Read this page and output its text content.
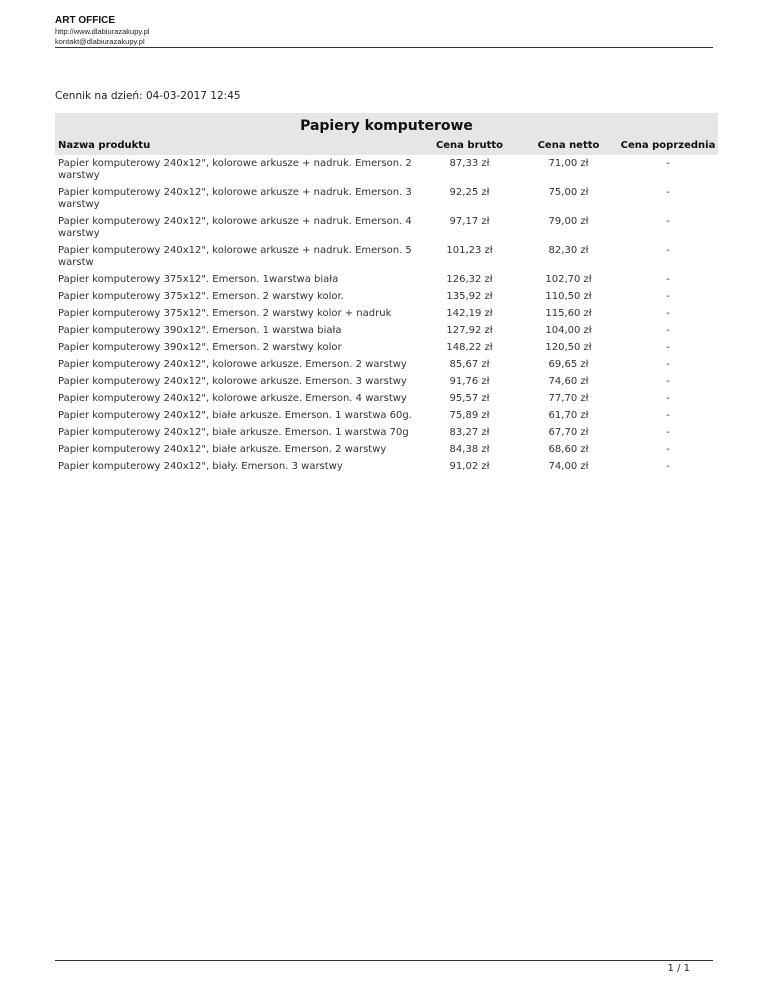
ART OFFICE
http://www.dlabiurazakupy.pl
kontakt@dlabiurazakupy.pl
Cennik na dzień: 04-03-2017 12:45
Papiery komputerowe
Nazwa produktu	Cena brutto	Cena netto	Cena poprzednia
Papier komputerowy 240x12", kolorowe arkusze + nadruk. Emerson. 2 warstwy	87,33 zł	71,00 zł	-
Papier komputerowy 240x12", kolorowe arkusze + nadruk. Emerson. 3 warstwy	92,25 zł	75,00 zł	-
Papier komputerowy 240x12", kolorowe arkusze + nadruk. Emerson. 4 warstwy	97,17 zł	79,00 zł	-
Papier komputerowy 240x12", kolorowe arkusze + nadruk. Emerson. 5 warstw	101,23 zł	82,30 zł	-
Papier komputerowy 375x12". Emerson. 1warstwa biała	126,32 zł	102,70 zł	-
Papier komputerowy 375x12". Emerson. 2 warstwy kolor.	135,92 zł	110,50 zł	-
Papier komputerowy 375x12". Emerson. 2 warstwy kolor + nadruk	142,19 zł	115,60 zł	-
Papier komputerowy 390x12". Emerson. 1 warstwa biała	127,92 zł	104,00 zł	-
Papier komputerowy 390x12". Emerson. 2 warstwy kolor	148,22 zł	120,50 zł	-
Papier komputerowy 240x12", kolorowe arkusze. Emerson. 2 warstwy	85,67 zł	69,65 zł	-
Papier komputerowy 240x12", kolorowe arkusze. Emerson. 3 warstwy	91,76 zł	74,60 zł	-
Papier komputerowy 240x12", kolorowe arkusze. Emerson. 4 warstwy	95,57 zł	77,70 zł	-
Papier komputerowy 240x12", białe arkusze. Emerson. 1 warstwa 60g.	75,89 zł	61,70 zł	-
Papier komputerowy 240x12", białe arkusze. Emerson. 1 warstwa 70g	83,27 zł	67,70 zł	-
Papier komputerowy 240x12", białe arkusze. Emerson. 2 warstwy	84,38 zł	68,60 zł	-
Papier komputerowy 240x12", biały. Emerson. 3 warstwy	91,02 zł	74,00 zł	-
1 / 1
